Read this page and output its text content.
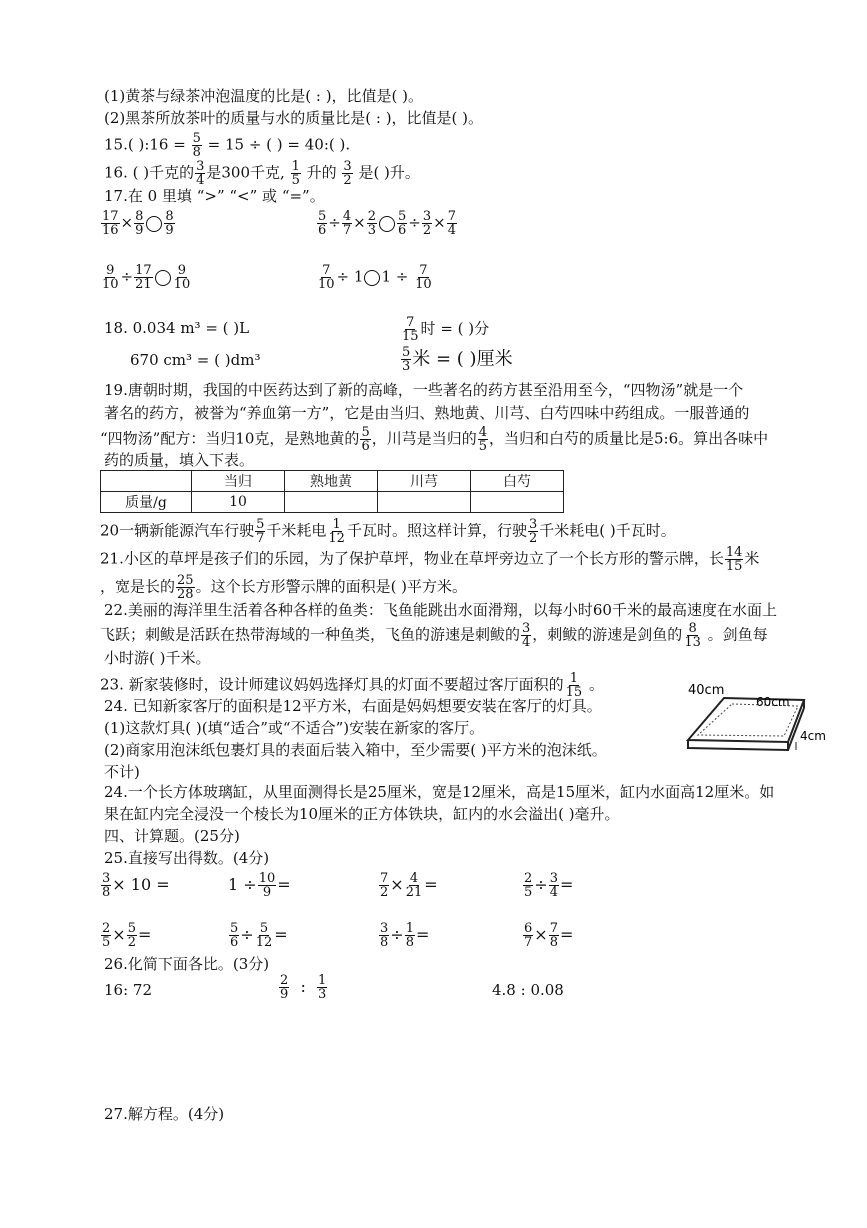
(1)黄茶与绿茶冲泡温度的比是( : )，比值是( )。
(2)黑茶所放茶叶的质量与水的质量比是( : )，比值是( )。
15.( ):16 = $\frac{5}{8} = 15$ ÷ ( ) = 40:( ).
16. ( )千克的 $\frac{3}{4}$ 是300千克, $\frac{1}{5}$ 升的 $\frac{3}{2}$ 是( )升。
17.在 0 里填 “>” “<” 或 “=”。
$\frac{17}{16} \times \frac{8}{9} \frac{8}{9}$	$\frac{5}{6} \div \frac{4}{7} \times \frac{2}{3} \frac{5}{6} \div \frac{3}{2} \times \frac{7}{4}$
$\frac{9}{10} \div \frac{17}{21} \frac{9}{10}$	$\frac{7}{10} \div 1$ $1 \div \frac{7}{10}$
18. 0.034 m³ = ( )L	$\frac{7}{15}$ 时 = ( )分
670 cm³ = ( )dm³	$\frac{5}{3}$ 米 = ( )厘米
19.唐朝时期，我国的中医药达到了新的高峰，一些著名的药方甚至沿用至今，“四物汤”就是一个
著名的药方，被誉为“养血第一方”，它是由当归、熟地黄、川芎、白芍四味中药组成。一服普通的
“四物汤”配方：当归10克，是熟地黄的 $\frac{5}{6}$ ，川芎是当归的 $\frac{4}{5}$ ，当归和白芍的质量比是5:6。算出各味中
药的质量，填入下表。
	当归	熟地黄	川芎	白芍
质量/g	10			
20一辆新能源汽车行驶 $\frac{5}{7}$ 千米耗电 $\frac{1}{12}$ 千瓦时。照这样计算，行驶 $\frac{3}{2}$ 千米耗电( )千瓦时。
21.小区的草坪是孩子们的乐园，为了保护草坪，物业在草坪旁边立了一个长方形的警示牌，长 $\frac{14}{15}$ 米
，宽是长的 $\frac{25}{28}$ 。这个长方形警示牌的面积是( )平方米。
22.美丽的海洋里生活着各种各样的鱼类：飞鱼能跳出水面滑翔，以每小时60千米的最高速度在水面上
飞跃；刺鲅是活跃在热带海域的一种鱼类，飞鱼的游速是刺鲅的 $\frac{3}{4}$ ，刺鲅的游速是剑鱼的 $\frac{8}{13}$ 。剑鱼每
小时游( )千米。
23. 新家装修时，设计师建议妈妈选择灯具的灯面不要超过客厅面积的 $\frac{1}{15}$ 。
24. 已知新家客厅的面积是12平方米，右面是妈妈想要安装在客厅的灯具。
(1)这款灯具( )(填“适合”或“不适合”)安装在新家的客厅。
(2)商家用泡沫纸包裹灯具的表面后装入箱中，至少需要( )平方米的泡沫纸。
不计)
40cm
60cm
4cm
24.一个长方体玻璃缸，从里面测得长是25厘米，宽是12厘米，高是15厘米，缸内水面高12厘米。如
果在缸内完全浸没一个棱长为10厘米的正方体铁块，缸内的水会溢出( )毫升。
四、计算题。(25分)
25.直接写出得数。(4分)
$\frac{3}{8} \times 10$ =	$1 \div \frac{10}{9}$ =	$\frac{7}{2} \times \frac{4}{21}$ =	$\frac{2}{5} \div \frac{3}{4}$ =
$\frac{2}{5} \times \frac{5}{2}$ =	$\frac{5}{6} \div \frac{5}{12}$ =	$\frac{3}{8} \div \frac{1}{8}$ =	$\frac{6}{7} \times \frac{7}{8}$ =
26.化简下面各比。(3分)
16: 72	$\frac{2}{9}$ : $\frac{1}{3}$	4.8 : 0.08
27.解方程。(4分)
